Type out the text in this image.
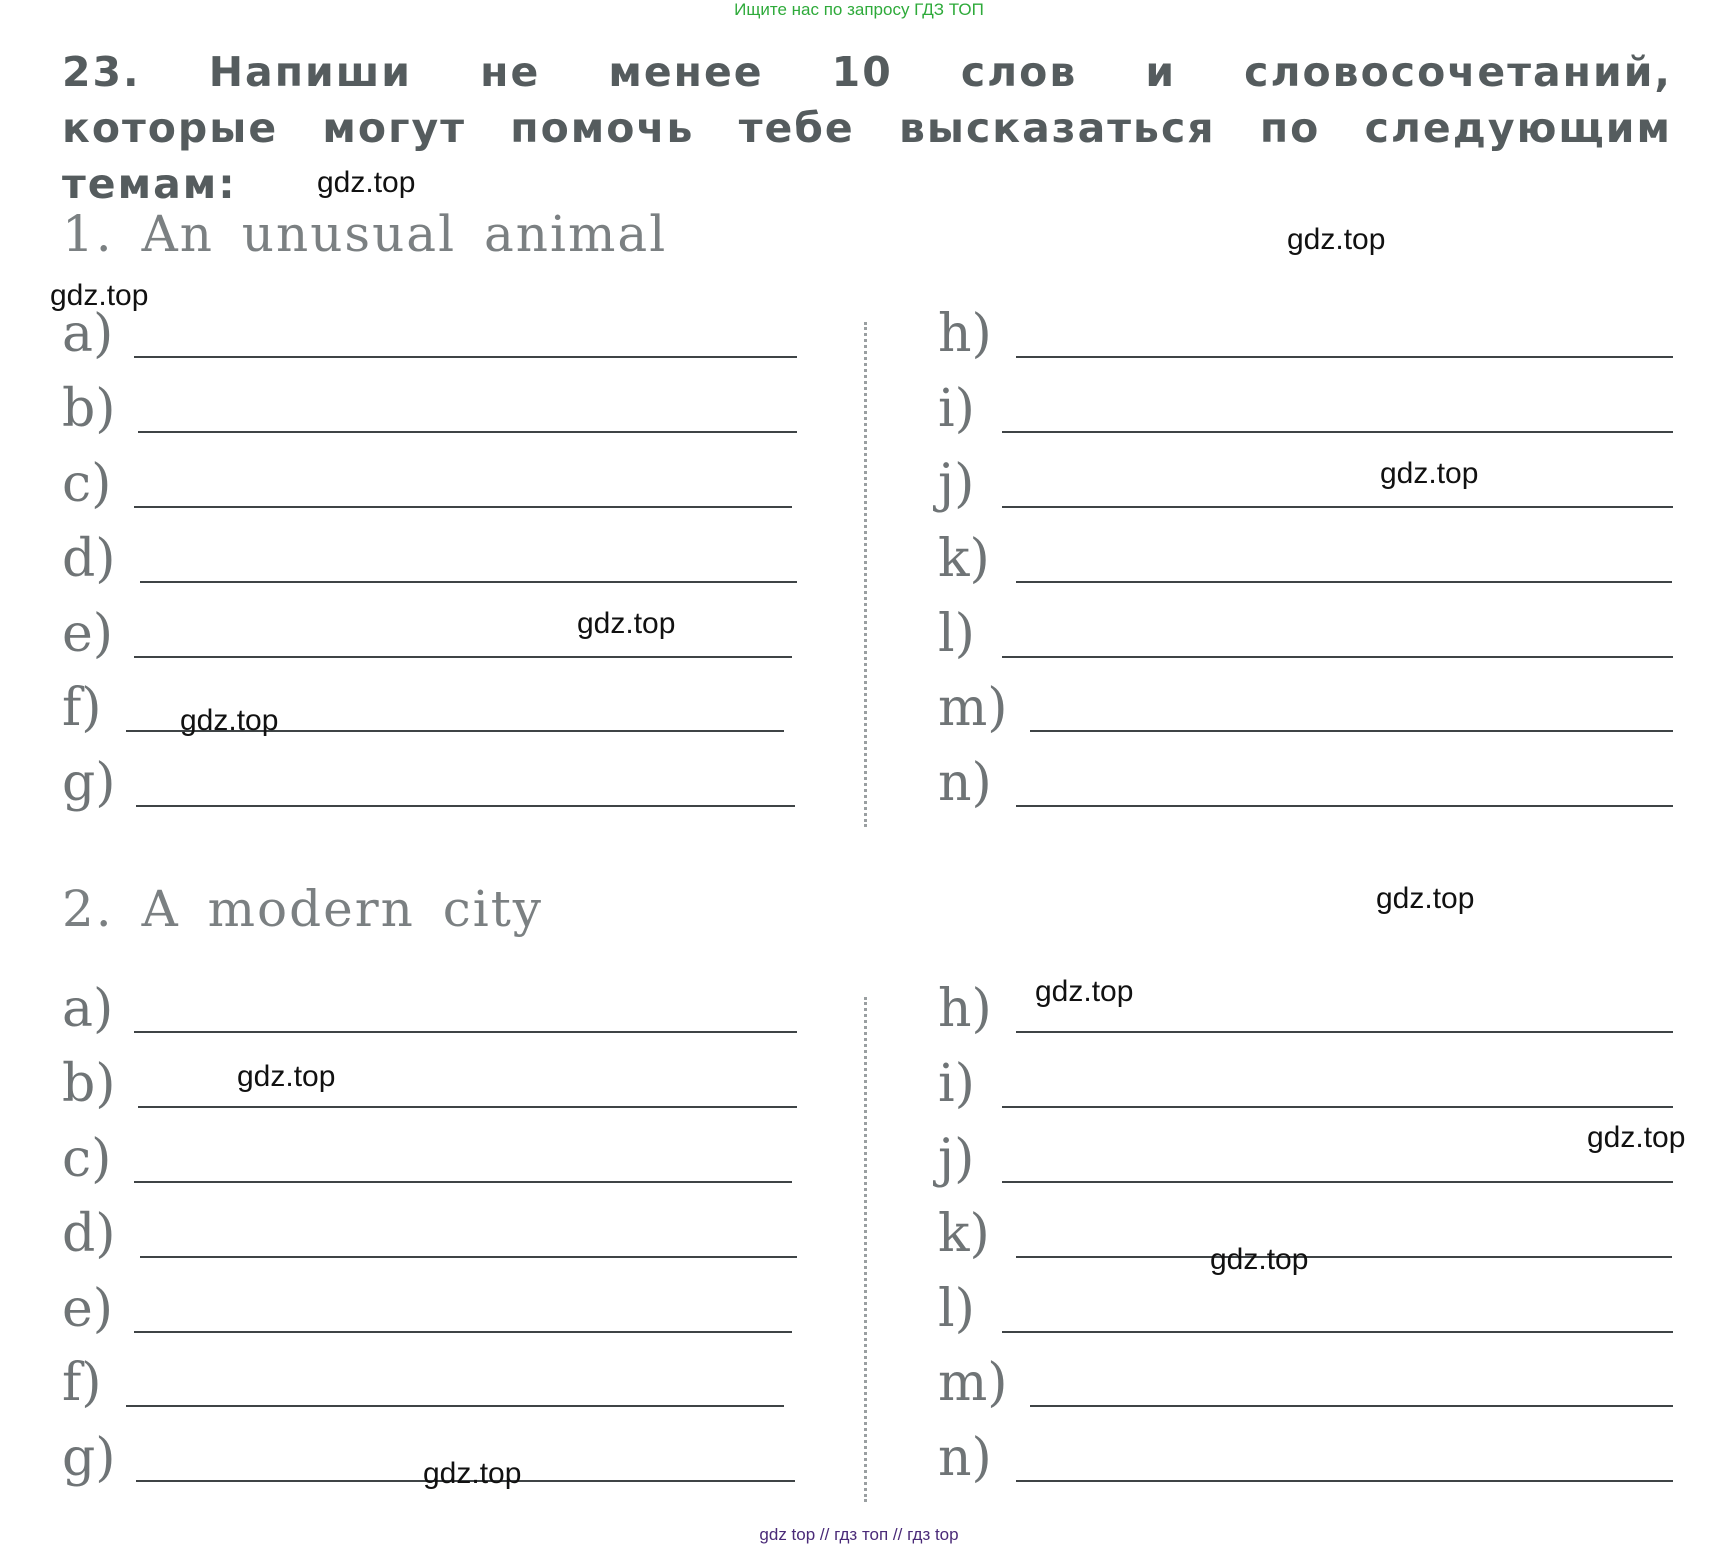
Ищите нас по запросу ГДЗ ТОП
23. Напиши не менее 10 слов и словосочетаний, которые могут помочь тебе высказаться по следующим темам:
1. An unusual animal
a)
b)
c)
d)
e)
f)
g)
h)
i)
j)
k)
l)
m)
n)
2. A modern city
a)
b)
c)
d)
e)
f)
g)
h)
i)
j)
k)
l)
m)
n)
gdz.top
gdz.top
gdz.top
gdz.top
gdz.top
gdz.top
gdz.top
gdz.top
gdz.top
gdz.top
gdz.top
gdz.top
gdz top // гдз топ // гдз top
